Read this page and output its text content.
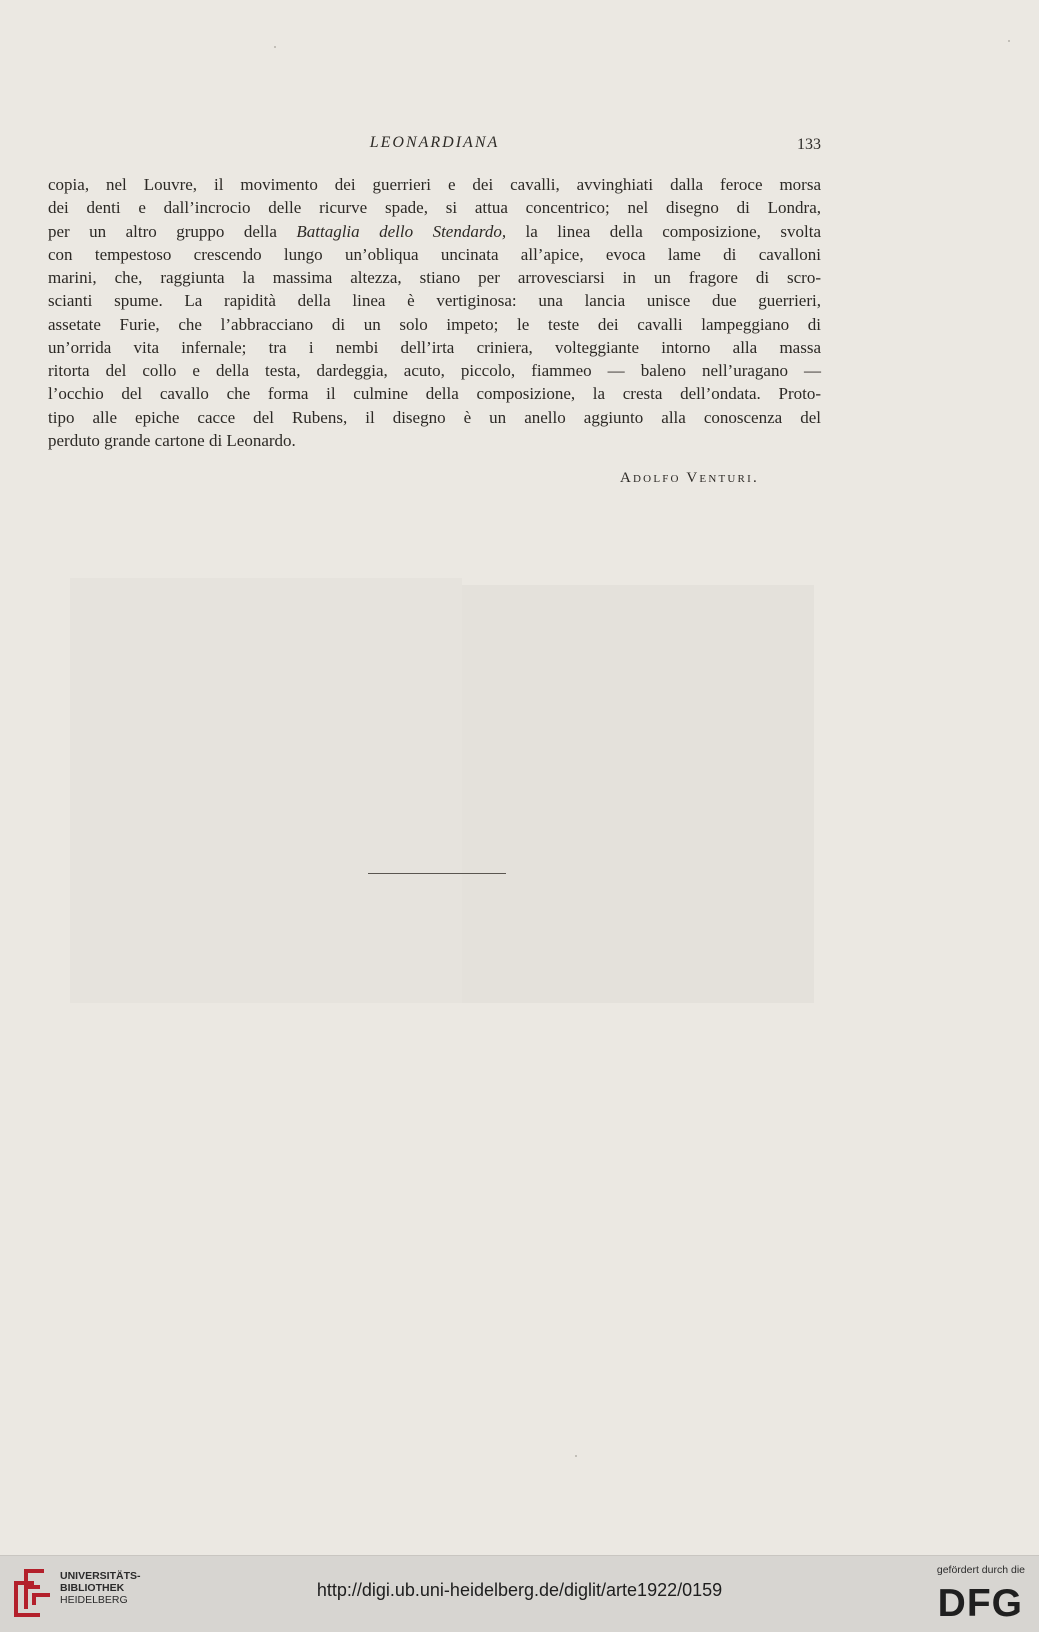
LEONARDIANA	133
copia, nel Louvre, il movimento dei guerrieri e dei cavalli, avvinghiati dalla feroce morsa
dei denti e dall’incrocio delle ricurve spade, si attua concentrico; nel disegno di Londra,
per un altro gruppo della Battaglia dello Stendardo, la linea della composizione, svolta
con tempestoso crescendo lungo un’obliqua uncinata all’apice, evoca lame di cavalloni
marini, che, raggiunta la massima altezza, stiano per arrovesciarsi in un fragore di scro-
scianti spume. La rapidità della linea è vertiginosa: una lancia unisce due guerrieri,
assetate Furie, che l’abbracciano di un solo impeto; le teste dei cavalli lampeggiano di
un’orrida vita infernale; tra i nembi dell’irta criniera, volteggiante intorno alla massa
ritorta del collo e della testa, dardeggia, acuto, piccolo, fiammeo — baleno nell’uragano —
l’occhio del cavallo che forma il culmine della composizione, la cresta dell’ondata. Proto-
tipo alle epiche cacce del Rubens, il disegno è un anello aggiunto alla conoscenza del
perduto grande cartone di Leonardo.
Adolfo Venturi.
UNIVERSITÄTS-
BIBLIOTHEK
HEIDELBERG	http://digi.ub.uni-heidelberg.de/diglit/arte1922/0159
gefördert durch die
DFG
